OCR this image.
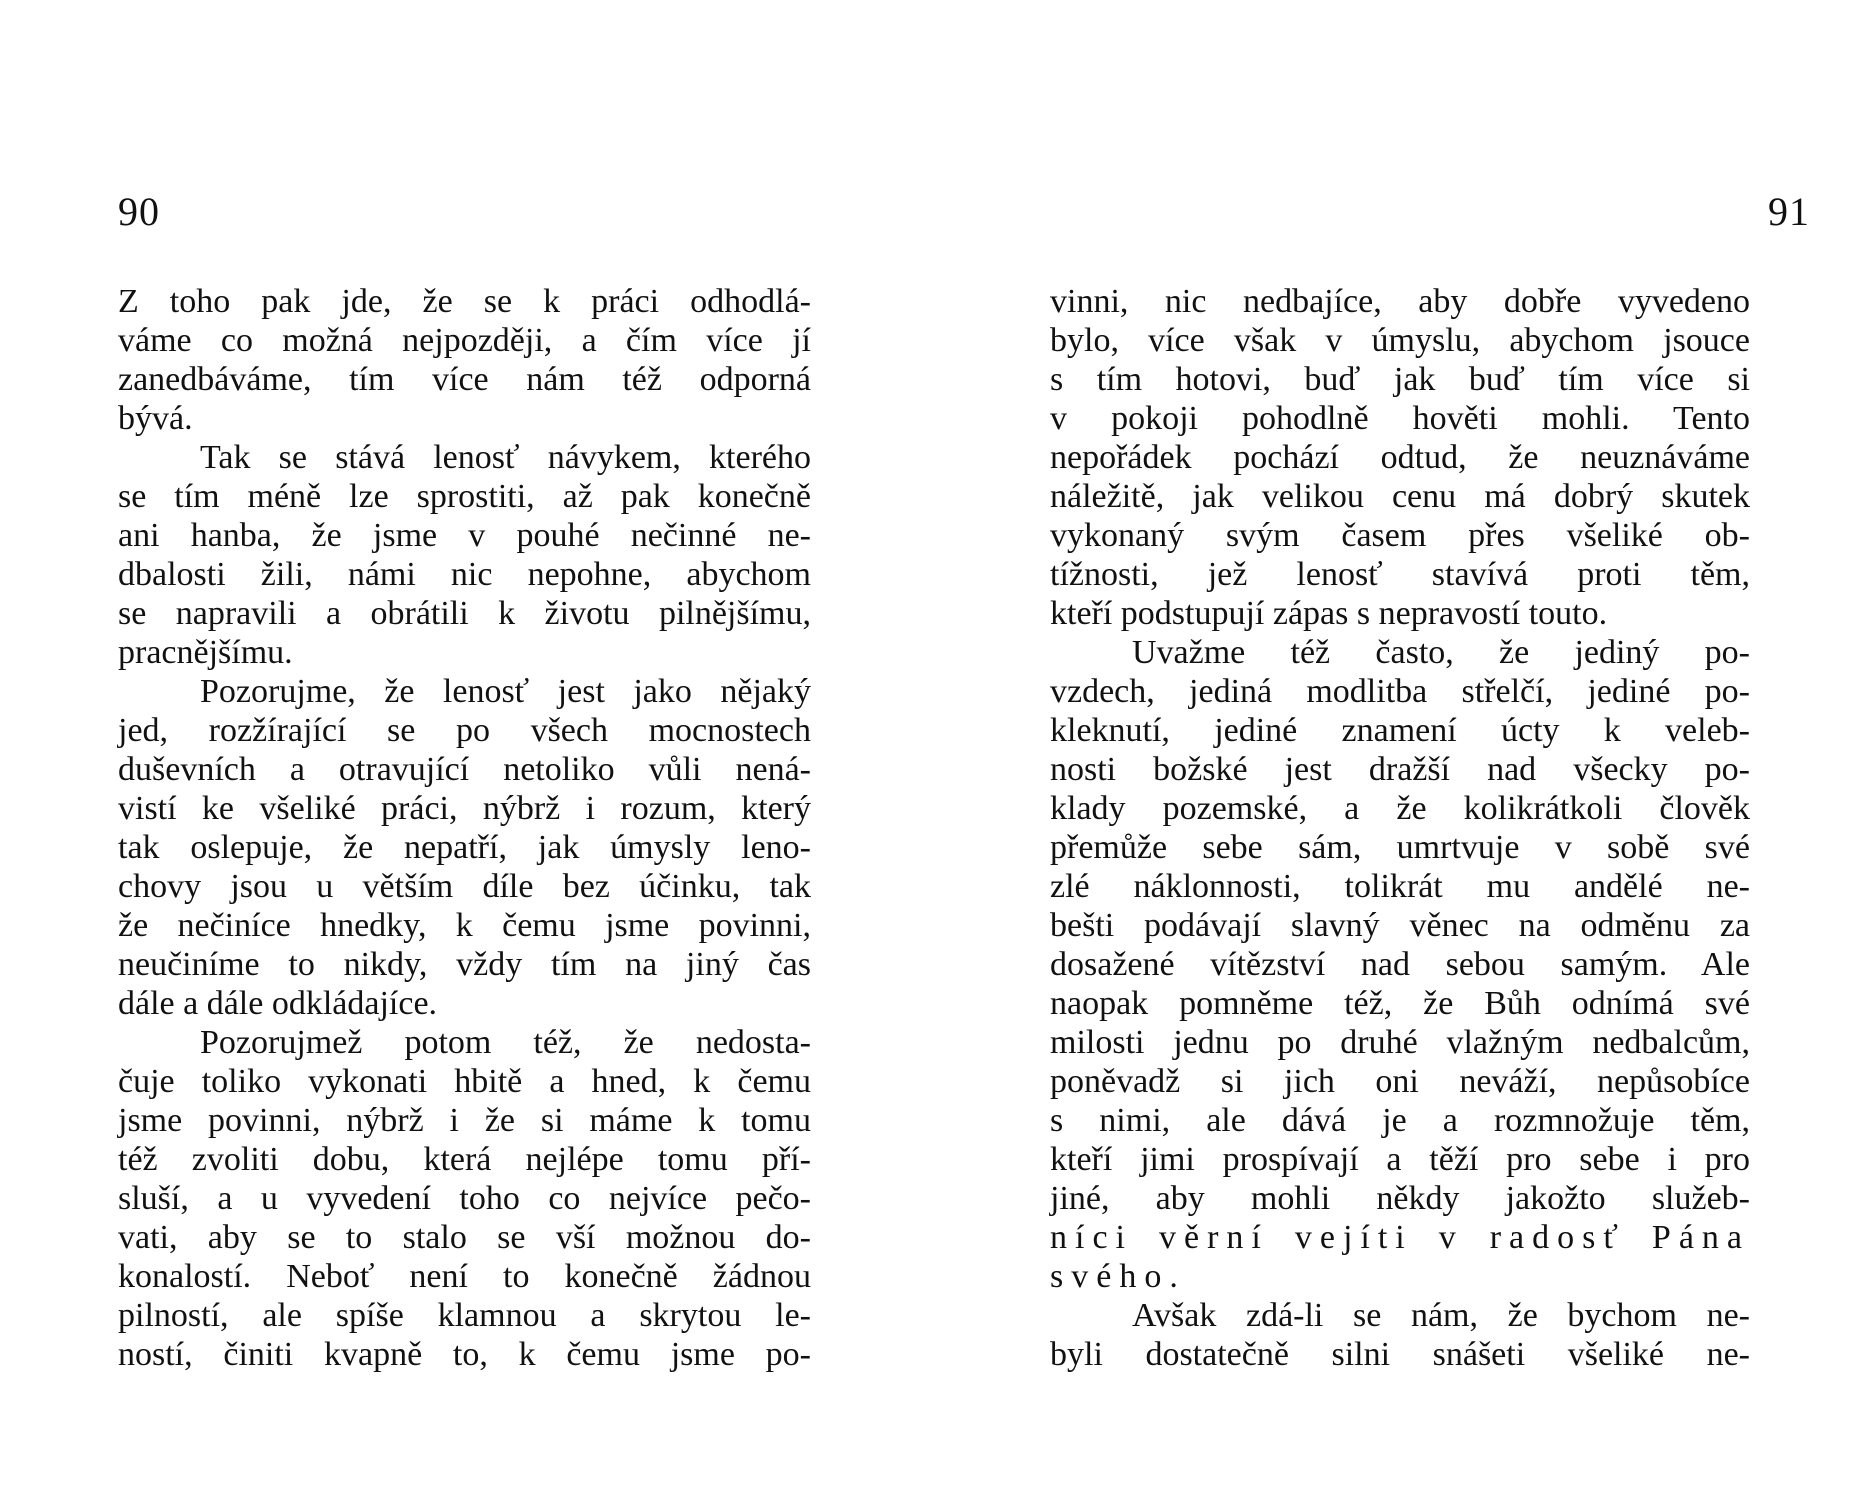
90
Z toho pak jde, že se k práci odhodlá-
váme co možná nejpozději, a čím více jí
zanedbáváme, tím více nám též odporná
bývá.
Tak se stává lenosť návykem, kterého
se tím méně lze sprostiti, až pak konečně
ani hanba, že jsme v pouhé nečinné ne-
dbalosti žili, námi nic nepohne, abychom
se napravili a obrátili k životu pilnějšímu,
pracnějšímu.
Pozorujme, že lenosť jest jako nějaký
jed, rozžírající se po všech mocnostech
duševních a otravující netoliko vůli nená-
vistí ke všeliké práci, nýbrž i rozum, který
tak oslepuje, že nepatří, jak úmysly leno-
chovy jsou u větším díle bez účinku, tak
že nečiníce hnedky, k čemu jsme povinni,
neučiníme to nikdy, vždy tím na jiný čas
dále a dále odkládajíce.
Pozorujmež potom též, že nedosta-
čuje toliko vykonati hbitě a hned, k čemu
jsme povinni, nýbrž i že si máme k tomu
též zvoliti dobu, která nejlépe tomu pří-
sluší, a u vyvedení toho co nejvíce pečo-
vati, aby se to stalo se vší možnou do-
konalostí. Neboť není to konečně žádnou
pilností, ale spíše klamnou a skrytou le-
ností, činiti kvapně to, k čemu jsme po-
91
vinni, nic nedbajíce, aby dobře vyvedeno
bylo, více však v úmyslu, abychom jsouce
s tím hotovi, buď jak buď tím více si
v pokoji pohodlně hověti mohli. Tento
nepořádek pochází odtud, že neuznáváme
náležitě, jak velikou cenu má dobrý skutek
vykonaný svým časem přes všeliké ob-
tížnosti, jež lenosť stavívá proti těm,
kteří podstupují zápas s nepravostí touto.
Uvažme též často, že jediný po-
vzdech, jediná modlitba střelčí, jediné po-
kleknutí, jediné znamení úcty k veleb-
nosti božské jest dražší nad všecky po-
klady pozemské, a že kolikrátkoli člověk
přemůže sebe sám, umrtvuje v sobě své
zlé náklonnosti, tolikrát mu andělé ne-
bešti podávají slavný věnec na odměnu za
dosažené vítězství nad sebou samým. Ale
naopak pomněme též, že Bůh odnímá své
milosti jednu po druhé vlažným nedbalcům,
poněvadž si jich oni neváží, nepůsobíce
s nimi, ale dává je a rozmnožuje těm,
kteří jimi prospívají a těží pro sebe i pro
jiné, aby mohli někdy jakožto služeb-
níci věrní vejíti v radosť Pána
svého.
Avšak zdá-li se nám, že bychom ne-
byli dostatečně silni snášeti všeliké ne-
